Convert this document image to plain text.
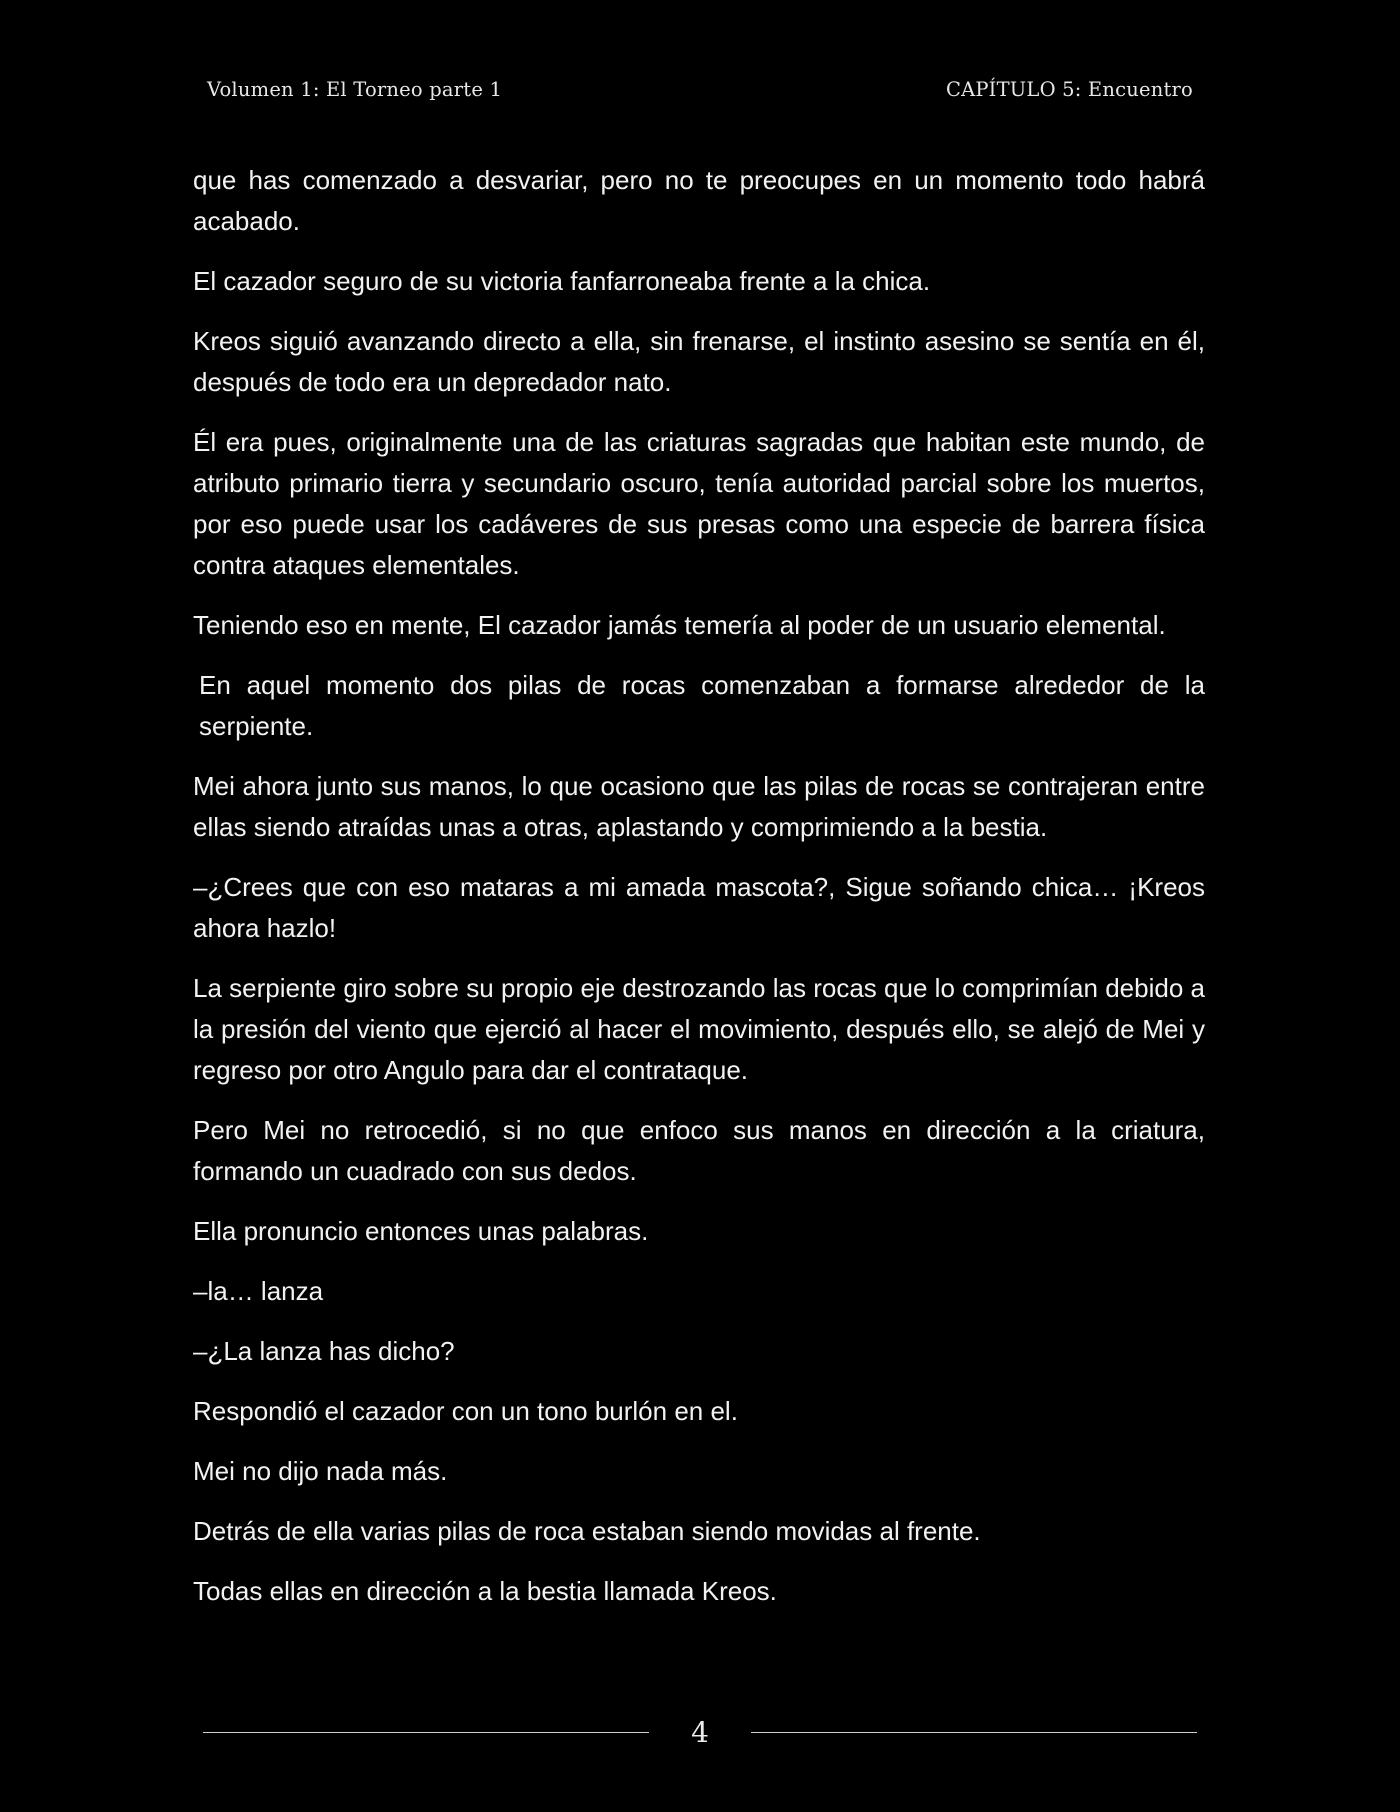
Volumen 1: El Torneo parte 1	CAPÍTULO 5: Encuentro

que has comenzado a desvariar, pero no te preocupes en un momento todo habrá acabado.

El cazador seguro de su victoria fanfarroneaba frente a la chica.

Kreos siguió avanzando directo a ella, sin frenarse, el instinto asesino se sentía en él, después de todo era un depredador nato.

Él era pues, originalmente una de las criaturas sagradas que habitan este mundo, de atributo primario tierra y secundario oscuro, tenía autoridad parcial sobre los muertos, por eso puede usar los cadáveres de sus presas como una especie de barrera física contra ataques elementales.

Teniendo eso en mente, El cazador jamás temería al poder de un usuario elemental.

En aquel momento dos pilas de rocas comenzaban a formarse alrededor de la serpiente.

Mei ahora junto sus manos, lo que ocasiono que las pilas de rocas se contrajeran entre ellas siendo atraídas unas a otras, aplastando y comprimiendo a la bestia.

–¿Crees que con eso mataras a mi amada mascota?, Sigue soñando chica… ¡Kreos ahora hazlo!

La serpiente giro sobre su propio eje destrozando las rocas que lo comprimían debido a la presión del viento que ejerció al hacer el movimiento, después ello, se alejó de Mei y regreso por otro Angulo para dar el contrataque.

Pero Mei no retrocedió, si no que enfoco sus manos en dirección a la criatura, formando un cuadrado con sus dedos.

Ella pronuncio entonces unas palabras.

–la… lanza

–¿La lanza has dicho?

Respondió el cazador con un tono burlón en el.

Mei no dijo nada más.

Detrás de ella varias pilas de roca estaban siendo movidas al frente.

Todas ellas en dirección a la bestia llamada Kreos.

4
